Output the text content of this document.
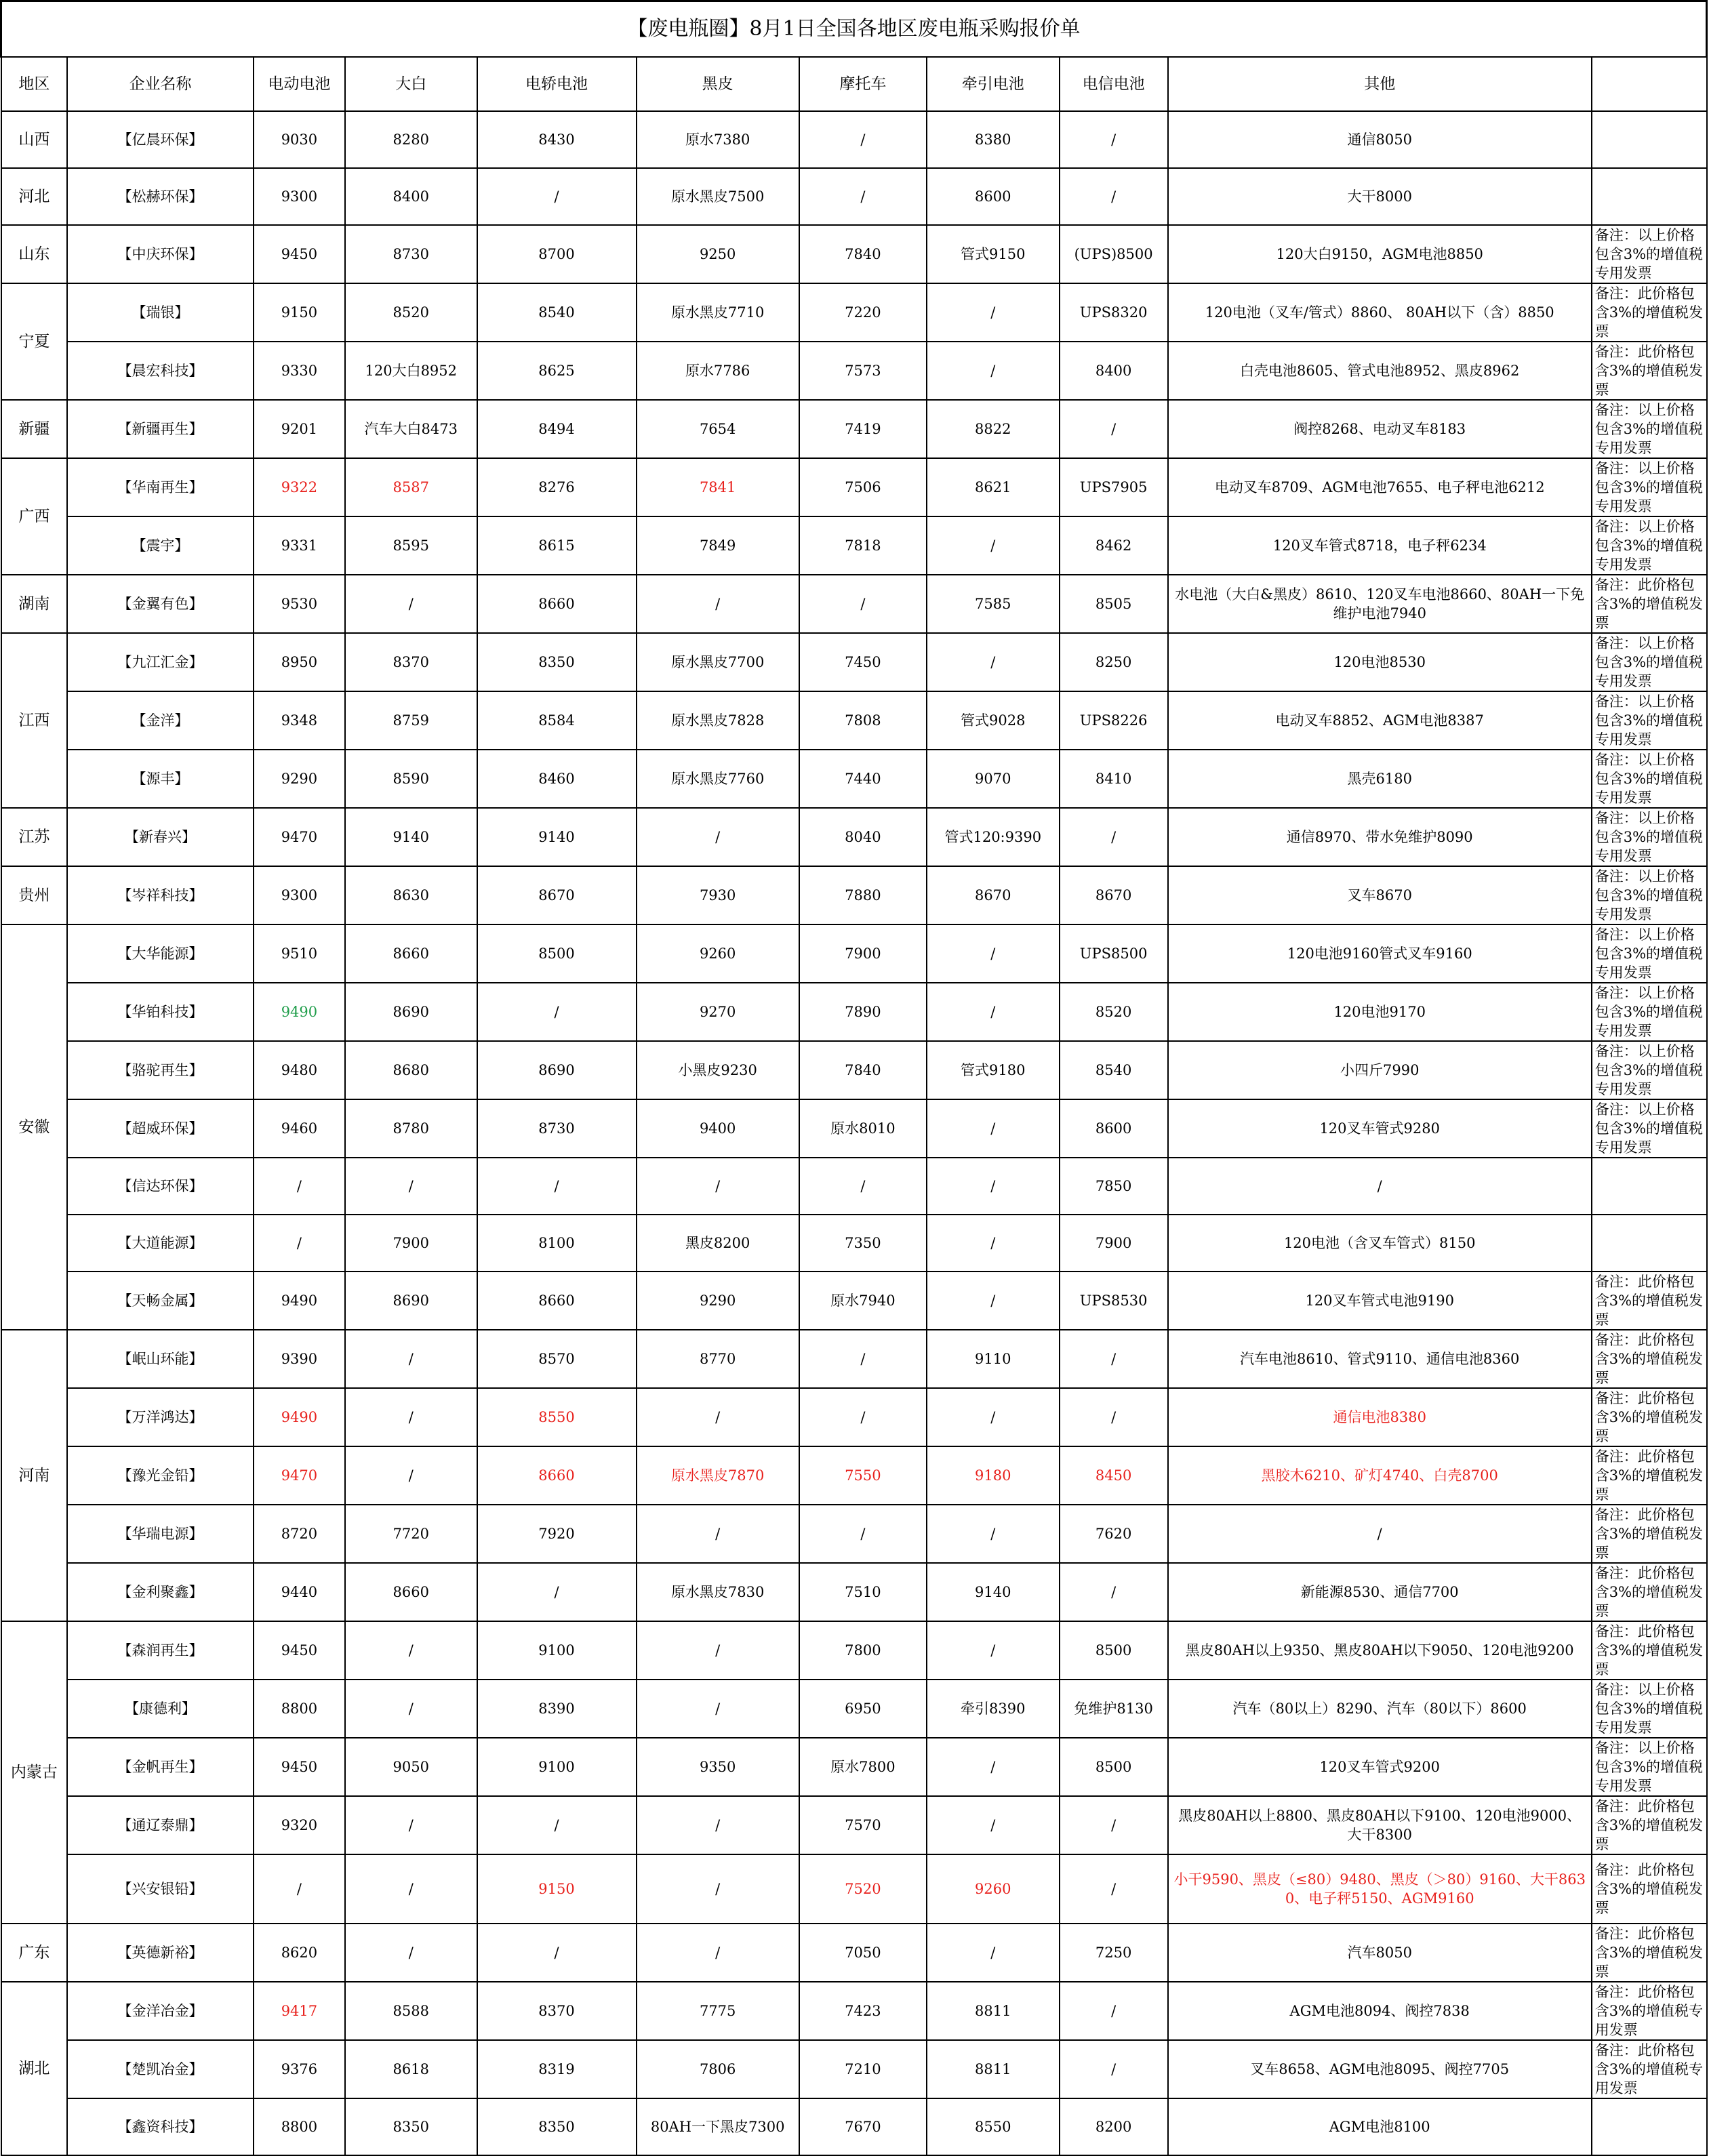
【废电瓶圈】8月1日全国各地区废电瓶采购报价单										
地区	企业名称	电动电池	大白	电轿电池	黑皮	摩托车	牵引电池	电信电池	其他	
山西	【亿晨环保】	9030	8280	8430	原水7380	/	8380	/	通信8050	
河北	【松赫环保】	9300	8400	/	原水黑皮7500	/	8600	/	大干8000	
山东	【中庆环保】	9450	8730	8700	9250	7840	管式9150	(UPS)8500	120大白9150，AGM电池8850	备注：以上价格包含3%的增值税专用发票
宁夏	【瑞银】	9150	8520	8540	原水黑皮7710	7220	/	UPS8320	120电池（叉车/管式）8860、 80AH以下（含）8850	备注：此价格包含3%的增值税发票
	【晨宏科技】	9330	120大白8952	8625	原水7786	7573	/	8400	白壳电池8605、管式电池8952、黑皮8962	备注：此价格包含3%的增值税发票
新疆	【新疆再生】	9201	汽车大白8473	8494	7654	7419	8822	/	阀控8268、电动叉车8183	备注：以上价格包含3%的增值税专用发票
广西	【华南再生】	9322	8587	8276	7841	7506	8621	UPS7905	电动叉车8709、AGM电池7655、电子秤电池6212	备注：以上价格包含3%的增值税专用发票
	【震宇】	9331	8595	8615	7849	7818	/	8462	120叉车管式8718，电子秤6234	备注：以上价格包含3%的增值税专用发票
湖南	【金翼有色】	9530	/	8660	/	/	7585	8505	水电池（大白&黑皮）8610、120叉车电池8660、80AH一下免维护电池7940	备注：此价格包含3%的增值税发票
江西	【九江汇金】	8950	8370	8350	原水黑皮7700	7450	/	8250	120电池8530	备注：以上价格包含3%的增值税专用发票
	【金洋】	9348	8759	8584	原水黑皮7828	7808	管式9028	UPS8226	电动叉车8852、AGM电池8387	备注：以上价格包含3%的增值税专用发票
	【源丰】	9290	8590	8460	原水黑皮7760	7440	9070	8410	黑壳6180	备注：以上价格包含3%的增值税专用发票
江苏	【新春兴】	9470	9140	9140	/	8040	管式120:9390	/	通信8970、带水免维护8090	备注：以上价格包含3%的增值税专用发票
贵州	【岑祥科技】	9300	8630	8670	7930	7880	8670	8670	叉车8670	备注：以上价格包含3%的增值税专用发票
安徽	【大华能源】	9510	8660	8500	9260	7900	/	UPS8500	120电池9160管式叉车9160	备注：以上价格包含3%的增值税专用发票
	【华铂科技】	9490	8690	/	9270	7890	/	8520	120电池9170	备注：以上价格包含3%的增值税专用发票
	【骆驼再生】	9480	8680	8690	小黑皮9230	7840	管式9180	8540	小四斤7990	备注：以上价格包含3%的增值税专用发票
	【超威环保】	9460	8780	8730	9400	原水8010	/	8600	120叉车管式9280	备注：以上价格包含3%的增值税专用发票
	【信达环保】	/	/	/	/	/	/	7850	/	
	【大道能源】	/	7900	8100	黑皮8200	7350	/	7900	120电池（含叉车管式）8150	
	【天畅金属】	9490	8690	8660	9290	原水7940	/	UPS8530	120叉车管式电池9190	备注：此价格包含3%的增值税发票
河南	【岷山环能】	9390	/	8570	8770	/	9110	/	汽车电池8610、管式9110、通信电池8360	备注：此价格包含3%的增值税发票
	【万洋鸿达】	9490	/	8550	/	/	/	/	通信电池8380	备注：此价格包含3%的增值税发票
	【豫光金铅】	9470	/	8660	原水黑皮7870	7550	9180	8450	黑胶木6210、矿灯4740、白壳8700	备注：此价格包含3%的增值税发票
	【华瑞电源】	8720	7720	7920	/	/	/	7620	/	备注：此价格包含3%的增值税发票
	【金利聚鑫】	9440	8660	/	原水黑皮7830	7510	9140	/	新能源8530、通信7700	备注：此价格包含3%的增值税发票
内蒙古	【森润再生】	9450	/	9100	/	7800	/	8500	黑皮80AH以上9350、黑皮80AH以下9050、120电池9200	备注：此价格包含3%的增值税发票
	【康德利】	8800	/	8390	/	6950	牵引8390	免维护8130	汽车（80以上）8290、汽车（80以下）8600	备注：以上价格包含3%的增值税专用发票
	【金帆再生】	9450	9050	9100	9350	原水7800	/	8500	120叉车管式9200	备注：以上价格包含3%的增值税专用发票
	【通辽泰鼎】	9320	/	/	/	7570	/	/	黑皮80AH以上8800、黑皮80AH以下9100、120电池9000、大干8300	备注：此价格包含3%的增值税发票
	【兴安银铅】	/	/	9150	/	7520	9260	/	小干9590、黑皮（≤80）9480、黑皮（＞80）9160、大干8630、电子秤5150、AGM9160	备注：此价格包含3%的增值税发票
广东	【英德新裕】	8620	/	/	/	7050	/	7250	汽车8050	备注：此价格包含3%的增值税发票
湖北	【金洋冶金】	9417	8588	8370	7775	7423	8811	/	AGM电池8094、阀控7838	备注：此价格包含3%的增值税专用发票
	【楚凯冶金】	9376	8618	8319	7806	7210	8811	/	叉车8658、AGM电池8095、阀控7705	备注：此价格包含3%的增值税专用发票
	【鑫资科技】	8800	8350	8350	80AH一下黑皮7300	7670	8550	8200	AGM电池8100	
